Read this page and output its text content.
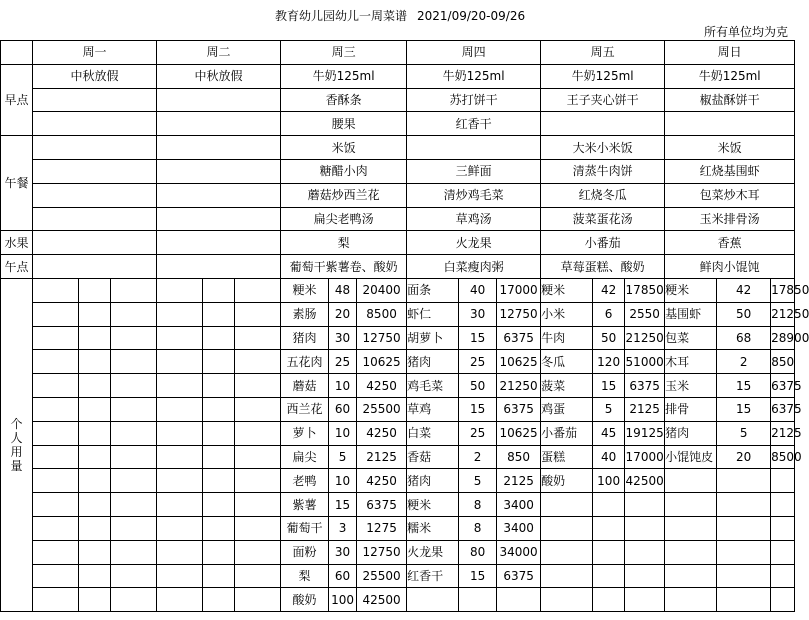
教育幼儿园幼儿一周菜谱 2021/09/20-09/26
所有单位均为克
	周一			周二			周三			周四			周五			周日		
早点	中秋放假			中秋放假			牛奶125ml			牛奶125ml			牛奶125ml			牛奶125ml		
							香酥条			苏打饼干			王子夹心饼干			椒盐酥饼干		
							腰果			红香干								
午餐							米饭						大米小米饭			米饭		
							糖醋小肉			三鲜面			清蒸牛肉饼			红烧基围虾		
							蘑菇炒西兰花			清炒鸡毛菜			红烧冬瓜			包菜炒木耳		
							扁尖老鸭汤			草鸡汤			菠菜蛋花汤			玉米排骨汤		
水果							梨			火龙果			小番茄			香蕉		
午点							葡萄干紫薯卷、酸奶			白菜瘦肉粥			草莓蛋糕、酸奶			鲜肉小馄饨		

个
人
用
量							粳米	48	20400	面条	40	17000	粳米	42	17850	粳米	42	17850
							素肠	20	8500	虾仁	30	12750	小米	6	2550	基围虾	50	21250
							猪肉	30	12750	胡萝卜	15	6375	牛肉	50	21250	包菜	68	28900
							五花肉	25	10625	猪肉	25	10625	冬瓜	120	51000	木耳	2	850
							蘑菇	10	4250	鸡毛菜	50	21250	菠菜	15	6375	玉米	15	6375
							西兰花	60	25500	草鸡	15	6375	鸡蛋	5	2125	排骨	15	6375
							萝卜	10	4250	白菜	25	10625	小番茄	45	19125	猪肉	5	2125
							扁尖	5	2125	香菇	2	850	蛋糕	40	17000	小馄饨皮	20	8500
							老鸭	10	4250	猪肉	5	2125	酸奶	100	42500			
							紫薯	15	6375	粳米	8	3400						
							葡萄干	3	1275	糯米	8	3400						
							面粉	30	12750	火龙果	80	34000						
							梨	60	25500	红香干	15	6375						
							酸奶	100	42500									
